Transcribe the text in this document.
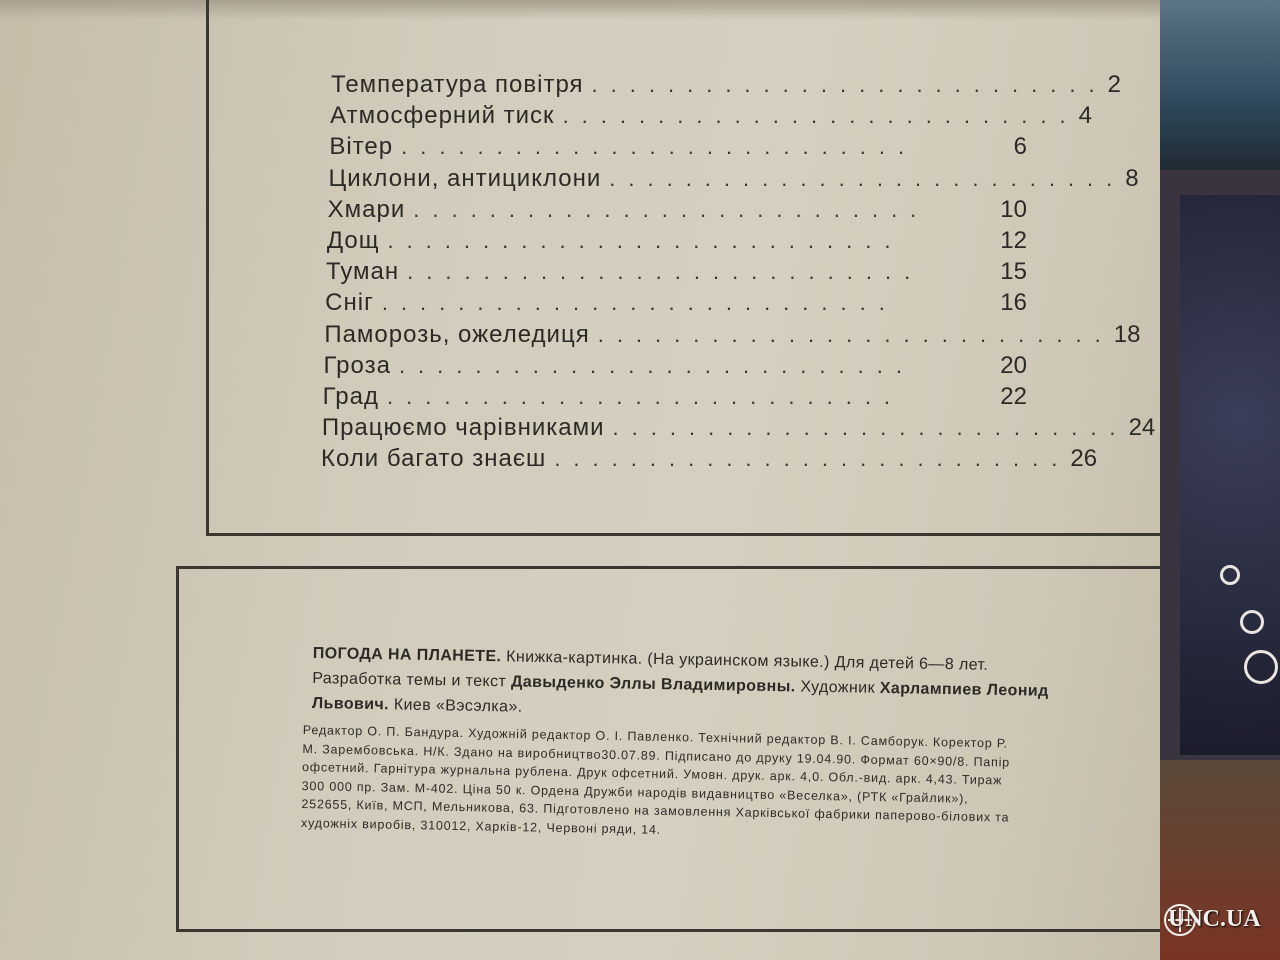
Температура повітря ........................... 2
Атмосферний тиск ........................... 4
Вітер ...........................	6
Циклони, антициклони ........................... 8
Хмари ...........................	10
Дощ ...........................	12
Туман ...........................	15
Сніг ...........................	16
Паморозь, ожеледиця ........................... 18
Гроза ...........................	20
Град ...........................	22
Працюємо чарівниками ........................... 24
Коли багато знаєш ........................... 26
ПОГОДА НА ПЛАНЕТЕ. Книжка-картинка. (На украинском языке.) Для детей 6—8 лет. Разработка темы и текст Давыденко Эллы Владимировны. Художник Харлампиев Леонид Львович. Киев «Вэсэлка».
Редактор О. П. Бандура. Художній редактор О. І. Павленко. Технічний редактор В. І. Самборук. Коректор Р. М. Зарембовська. Н/К. Здано на виробництво30.07.89. Підписано до друку 19.04.90. Формат 60×90/8. Папір офсетний. Гарнітура журнальна рублена. Друк офсетний. Умовн. друк. арк. 4,0. Обл.-вид. арк. 4,43. Тираж 300 000 пр. Зам. М-402. Ціна 50 к. Ордена Дружби народів видавництво «Веселка», (РТК «Грайлик»), 252655, Київ, МСП, Мельникова, 63. Підготовлено на замовлення Харківської фабрики паперово-білових та художніх виробів, 310012, Харків-12, Червоні ряди, 14.
UNC.UA
